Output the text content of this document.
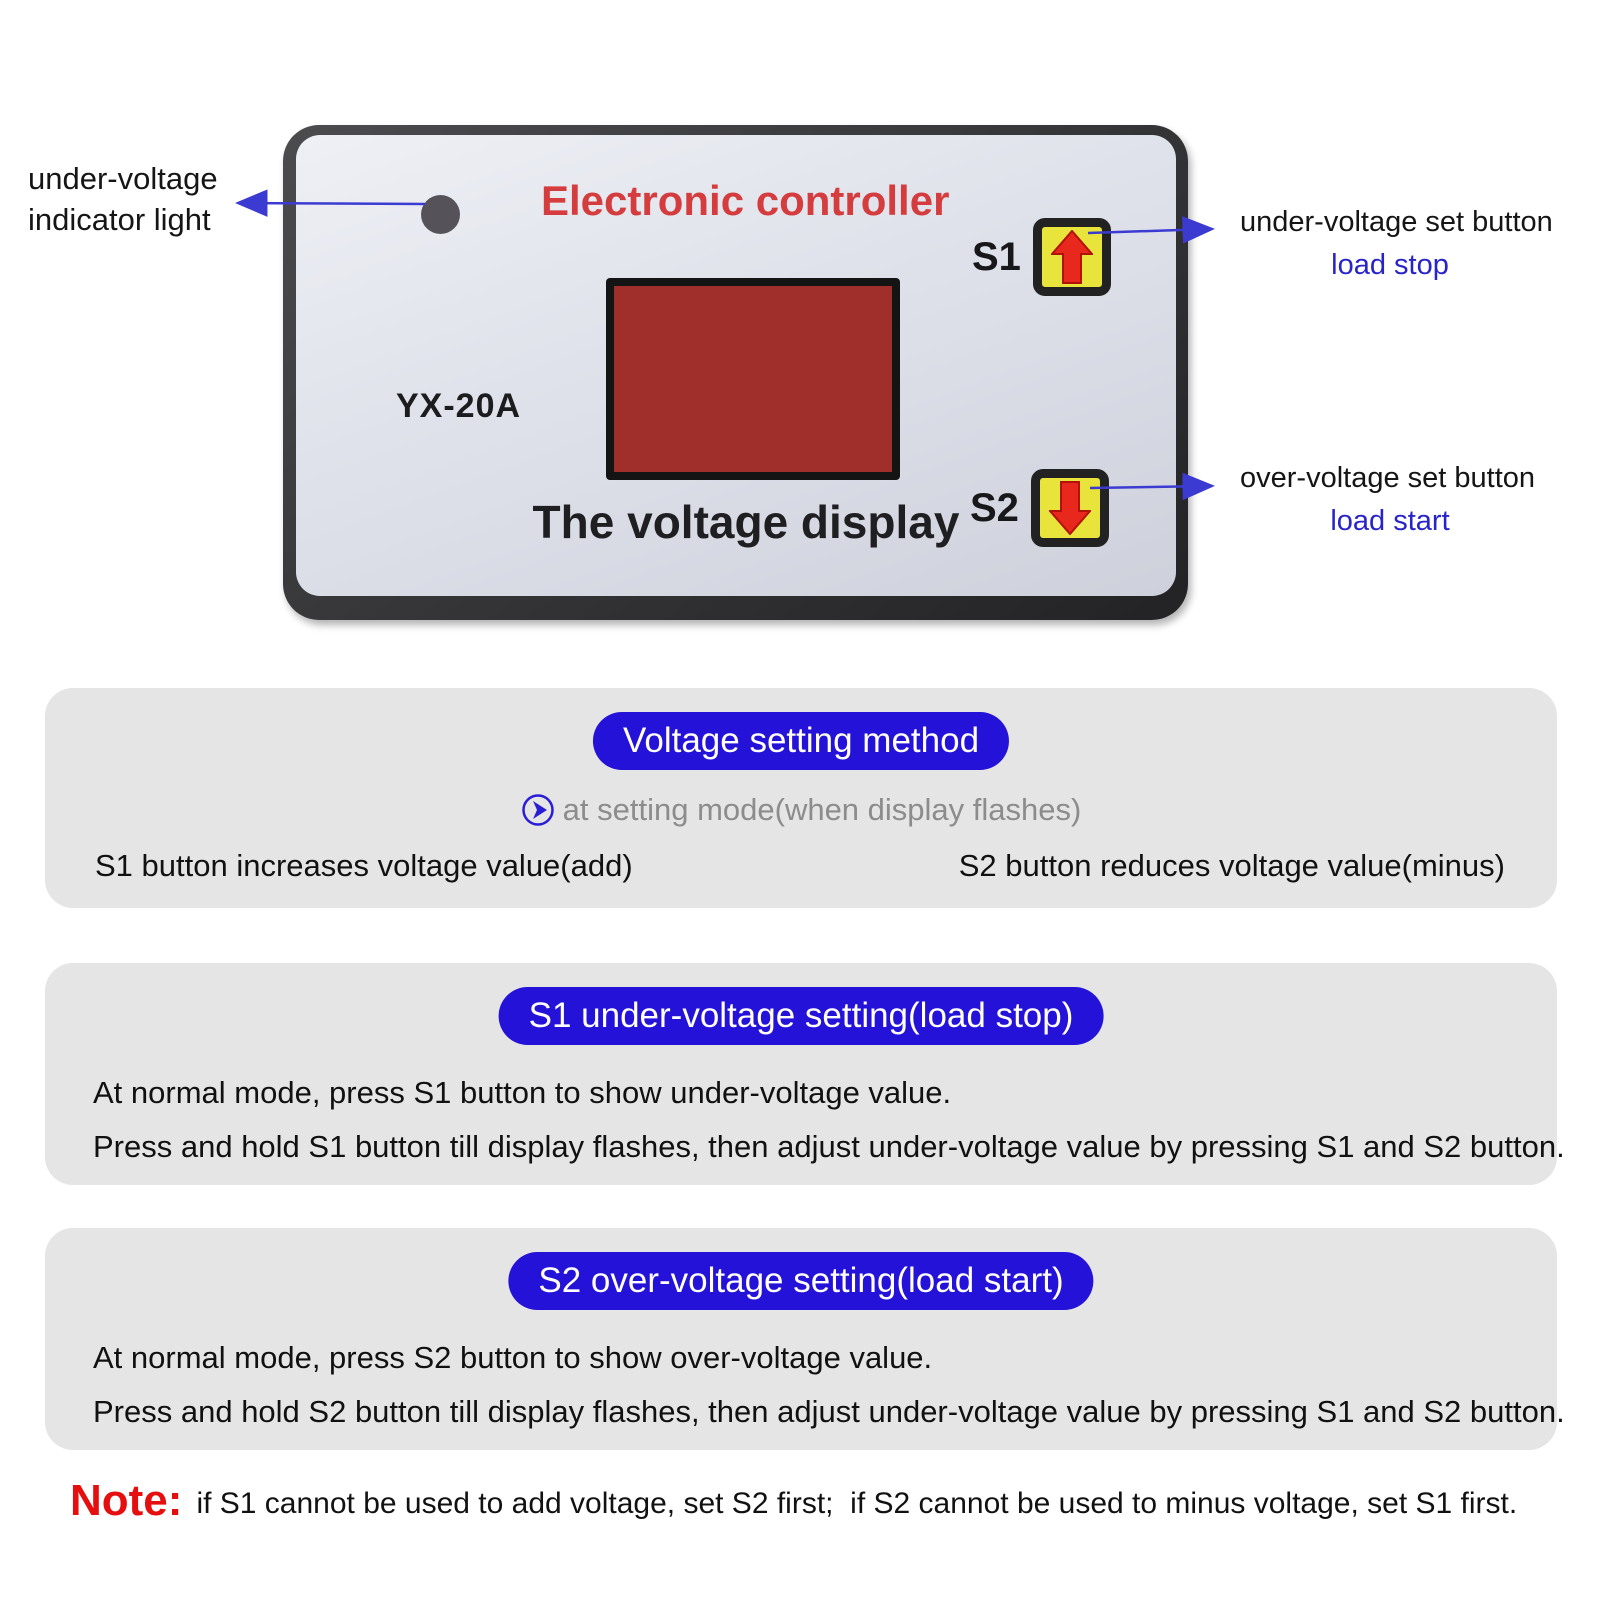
Electronic controller
YX-20A
The voltage display
S1
S2
under-voltage
indicator light	under-voltage set button
load stop
over-voltage set button
load start
Voltage setting method
at setting mode(when display flashes)
S1 button increases voltage value(add)	S2 button reduces voltage value(minus)
S1 under-voltage setting(load stop)
At normal mode, press S1 button to show under-voltage value.
Press and hold S1 button till display flashes, then adjust under-voltage value by pressing S1 and S2 button.
S2 over-voltage setting(load start)
At normal mode, press S2 button to show over-voltage value.
Press and hold S2 button till display flashes, then adjust under-voltage value by pressing S1 and S2 button.
Note: if S1 cannot be used to add voltage, set S2 first;  if S2 cannot be used to minus voltage, set S1 first.
